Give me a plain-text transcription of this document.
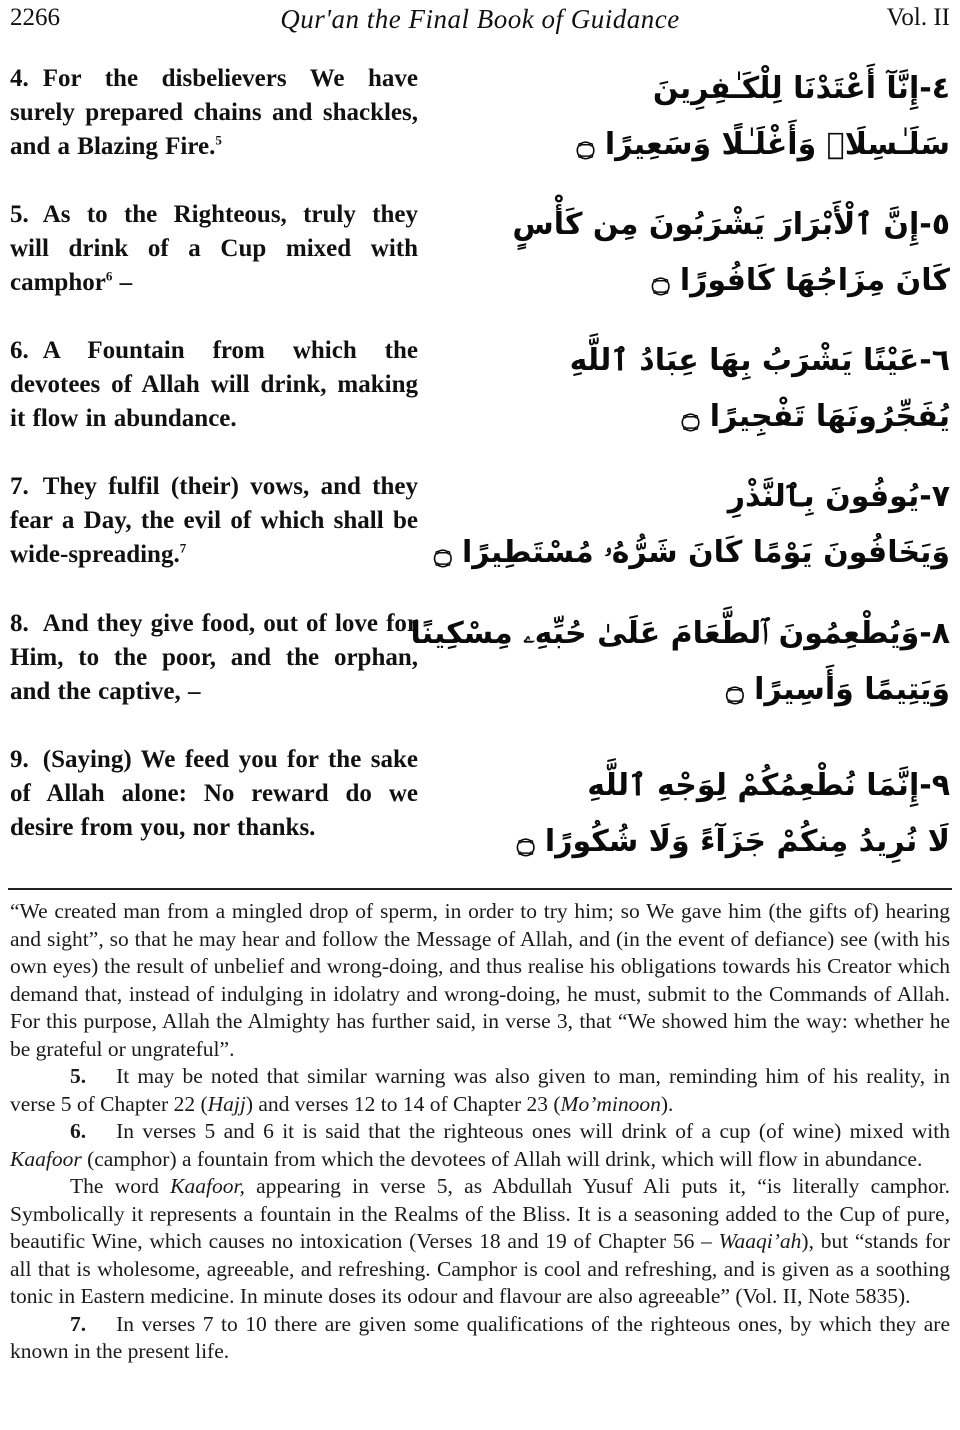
2266	Qur'an the Final Book of Guidance	Vol. II
4. For the disbelievers We have surely prepared chains and shackles, and a Blazing Fire.$^5$
٤-إِنَّآ أَعْتَدْنَا لِلْكَـٰفِرِينَ
سَلَـٰسِلَا۟ وَأَغْلَـٰلًا وَسَعِيرًا ۝
5. As to the Righteous, truly they will drink of a Cup mixed with camphor$^6$ –
٥-إِنَّ ٱلْأَبْرَارَ يَشْرَبُونَ مِن كَأْسٍ
كَانَ مِزَاجُهَا كَافُورًا ۝
6. A Fountain from which the devotees of Allah will drink, making it flow in abundance.
٦-عَيْنًا يَشْرَبُ بِهَا عِبَادُ ٱللَّهِ
يُفَجِّرُونَهَا تَفْجِيرًا ۝
7. They fulfil (their) vows, and they fear a Day, the evil of which shall be wide-spreading.$^7$
٧-يُوفُونَ بِٱلنَّذْرِ
وَيَخَافُونَ يَوْمًا كَانَ شَرُّهُۥ مُسْتَطِيرًا ۝
8. And they give food, out of love for Him, to the poor, and the orphan, and the captive, –
٨-وَيُطْعِمُونَ ٱلطَّعَامَ عَلَىٰ حُبِّهِۦ مِسْكِينًا
وَيَتِيمًا وَأَسِيرًا ۝
9. (Saying) We feed you for the sake of Allah alone: No reward do we desire from you, nor thanks.
٩-إِنَّمَا نُطْعِمُكُمْ لِوَجْهِ ٱللَّهِ
لَا نُرِيدُ مِنكُمْ جَزَآءً وَلَا شُكُورًا ۝

“We created man from a mingled drop of sperm, in order to try him; so We gave him (the gifts of) hearing and sight”, so that he may hear and follow the Message of Allah, and (in the event of defiance) see (with his own eyes) the result of unbelief and wrong-doing, and thus realise his obligations towards his Creator which demand that, instead of indulging in idolatry and wrong-doing, he must, submit to the Commands of Allah. For this purpose, Allah the Almighty has further said, in verse 3, that “We showed him the way: whether he be grateful or ungrateful”.

5. It may be noted that similar warning was also given to man, reminding him of his reality, in verse 5 of Chapter 22 (Hajj) and verses 12 to 14 of Chapter 23 (Mo’minoon).

6. In verses 5 and 6 it is said that the righteous ones will drink of a cup (of wine) mixed with Kaafoor (camphor) a fountain from which the devotees of Allah will drink, which will flow in abundance.

The word Kaafoor, appearing in verse 5, as Abdullah Yusuf Ali puts it, “is literally camphor. Symbolically it represents a fountain in the Realms of the Bliss. It is a seasoning added to the Cup of pure, beautific Wine, which causes no intoxication (Verses 18 and 19 of Chapter 56 – Waaqi’ah), but “stands for all that is wholesome, agreeable, and refreshing. Camphor is cool and refreshing, and is given as a soothing tonic in Eastern medicine. In minute doses its odour and flavour are also agreeable” (Vol. II, Note 5835).

7. In verses 7 to 10 there are given some qualifications of the righteous ones, by which they are known in the present life.
